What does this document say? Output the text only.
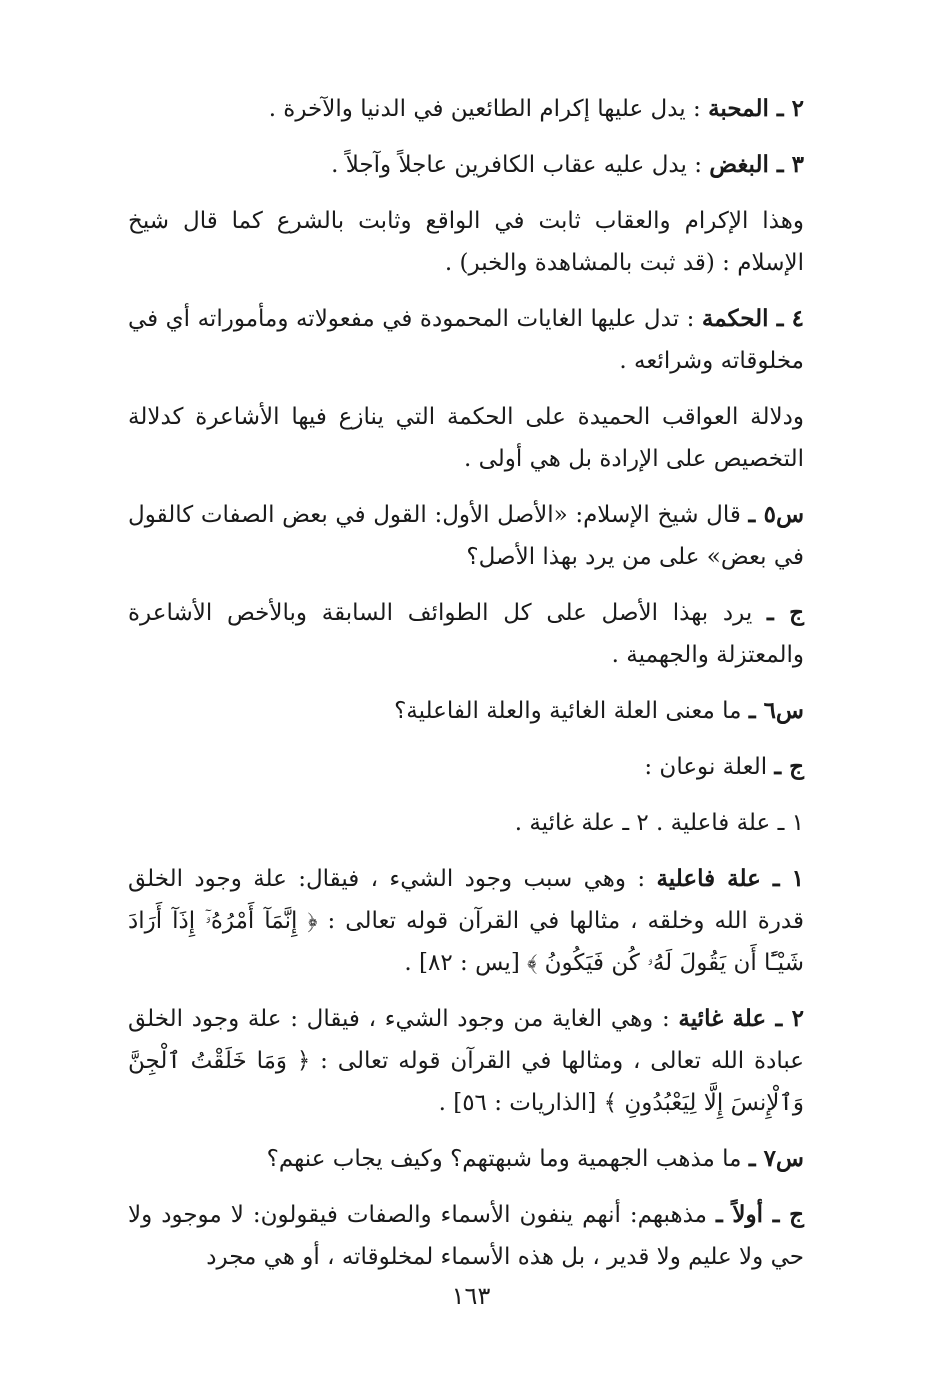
٢ ـ المحبة : يدل عليها إكرام الطائعين في الدنيا والآخرة .

٣ ـ البغض : يدل عليه عقاب الكافرين عاجلاً وآجلاً .

وهذا الإكرام والعقاب ثابت في الواقع وثابت بالشرع كما قال شيخ الإسلام : (قد ثبت بالمشاهدة والخبر) .

٤ ـ الحكمة : تدل عليها الغايات المحمودة في مفعولاته ومأموراته أي في مخلوقاته وشرائعه .

ودلالة العواقب الحميدة على الحكمة التي ينازع فيها الأشاعرة كدلالة التخصيص على الإرادة بل هي أولى .

س٥ ـ قال شيخ الإسلام: «الأصل الأول: القول في بعض الصفات كالقول في بعض» على من يرد بهذا الأصل؟

ج ـ يرد بهذا الأصل على كل الطوائف السابقة وبالأخص الأشاعرة والمعتزلة والجهمية .

س٦ ـ ما معنى العلة الغائية والعلة الفاعلية؟

ج ـ العلة نوعان :

١ ـ علة فاعلية . ٢ ـ علة غائية .

١ ـ علة فاعلية : وهي سبب وجود الشيء ، فيقال: علة وجود الخلق قدرة الله وخلقه ، مثالها في القرآن قوله تعالى : ﴿ إِنَّمَآ أَمْرُهُۥٓ إِذَآ أَرَادَ شَيْـًٔا أَن يَقُولَ لَهُۥ كُن فَيَكُونُ ﴾ [يس : ٨٢] .

٢ ـ علة غائية : وهي الغاية من وجود الشيء ، فيقال : علة وجود الخلق عبادة الله تعالى ، ومثالها في القرآن قوله تعالى : ﴿ وَمَا خَلَقْتُ ٱلْجِنَّ وَٱلْإِنسَ إِلَّا لِيَعْبُدُونِ ﴾ [الذاريات : ٥٦] .

س٧ ـ ما مذهب الجهمية وما شبهتهم؟ وكيف يجاب عنهم؟

ج ـ أولاً ـ مذهبهم: أنهم ينفون الأسماء والصفات فيقولون: لا موجود ولا حي ولا عليم ولا قدير ، بل هذه الأسماء لمخلوقاته ، أو هي مجرد

١٦٣
